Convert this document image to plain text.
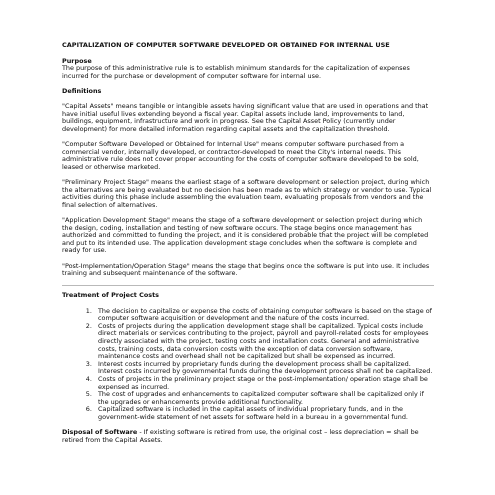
CAPITALIZATION OF COMPUTER SOFTWARE DEVELOPED OR OBTAINED FOR INTERNAL USE
Purpose

The purpose of this administrative rule is to establish minimum standards for the capitalization of expenses incurred for the purchase or development of computer software for internal use.

Definitions

"Capital Assets" means tangible or intangible assets having significant value that are used in operations and that have initial useful lives extending beyond a fiscal year. Capital assets include land, improvements to land, buildings, equipment, infrastructure and work in progress. See the Capital Asset Policy (currently under development) for more detailed information regarding capital assets and the capitalization threshold.

"Computer Software Developed or Obtained for Internal Use" means computer software purchased from a commercial vendor, internally developed, or contractor-developed to meet the City's internal needs. This administrative rule does not cover proper accounting for the costs of computer software developed to be sold, leased or otherwise marketed.

"Preliminary Project Stage" means the earliest stage of a software development or selection project, during which the alternatives are being evaluated but no decision has been made as to which strategy or vendor to use. Typical activities during this phase include assembling the evaluation team, evaluating proposals from vendors and the final selection of alternatives.

"Application Development Stage" means the stage of a software development or selection project during which the design, coding, installation and testing of new software occurs. The stage begins once management has authorized and committed to funding the project, and it is considered probable that the project will be completed and put to its intended use. The application development stage concludes when the software is complete and ready for use.

"Post-Implementation/Operation Stage" means the stage that begins once the software is put into use. It includes training and subsequent maintenance of the software.

Treatment of Project Costs
1. The decision to capitalize or expense the costs of obtaining computer software is based on the stage of computer software acquisition or development and the nature of the costs incurred.
2. Costs of projects during the application development stage shall be capitalized. Typical costs include direct materials or services contributing to the project, payroll and payroll-related costs for employees directly associated with the project, testing costs and installation costs. General and administrative costs, training costs, data conversion costs with the exception of data conversion software, maintenance costs and overhead shall not be capitalized but shall be expensed as incurred.
3. Interest costs incurred by proprietary funds during the development process shall be capitalized. Interest costs incurred by governmental funds during the development process shall not be capitalized.
4. Costs of projects in the preliminary project stage or the post-implementation/ operation stage shall be expensed as incurred.
5. The cost of upgrades and enhancements to capitalized computer software shall be capitalized only if the upgrades or enhancements provide additional functionality.
6. Capitalized software is included in the capital assets of individual proprietary funds, and in the government-wide statement of net assets for software held in a bureau in a governmental fund.

Disposal of Software - If existing software is retired from use, the original cost – less depreciation = shall be retired from the Capital Assets.
